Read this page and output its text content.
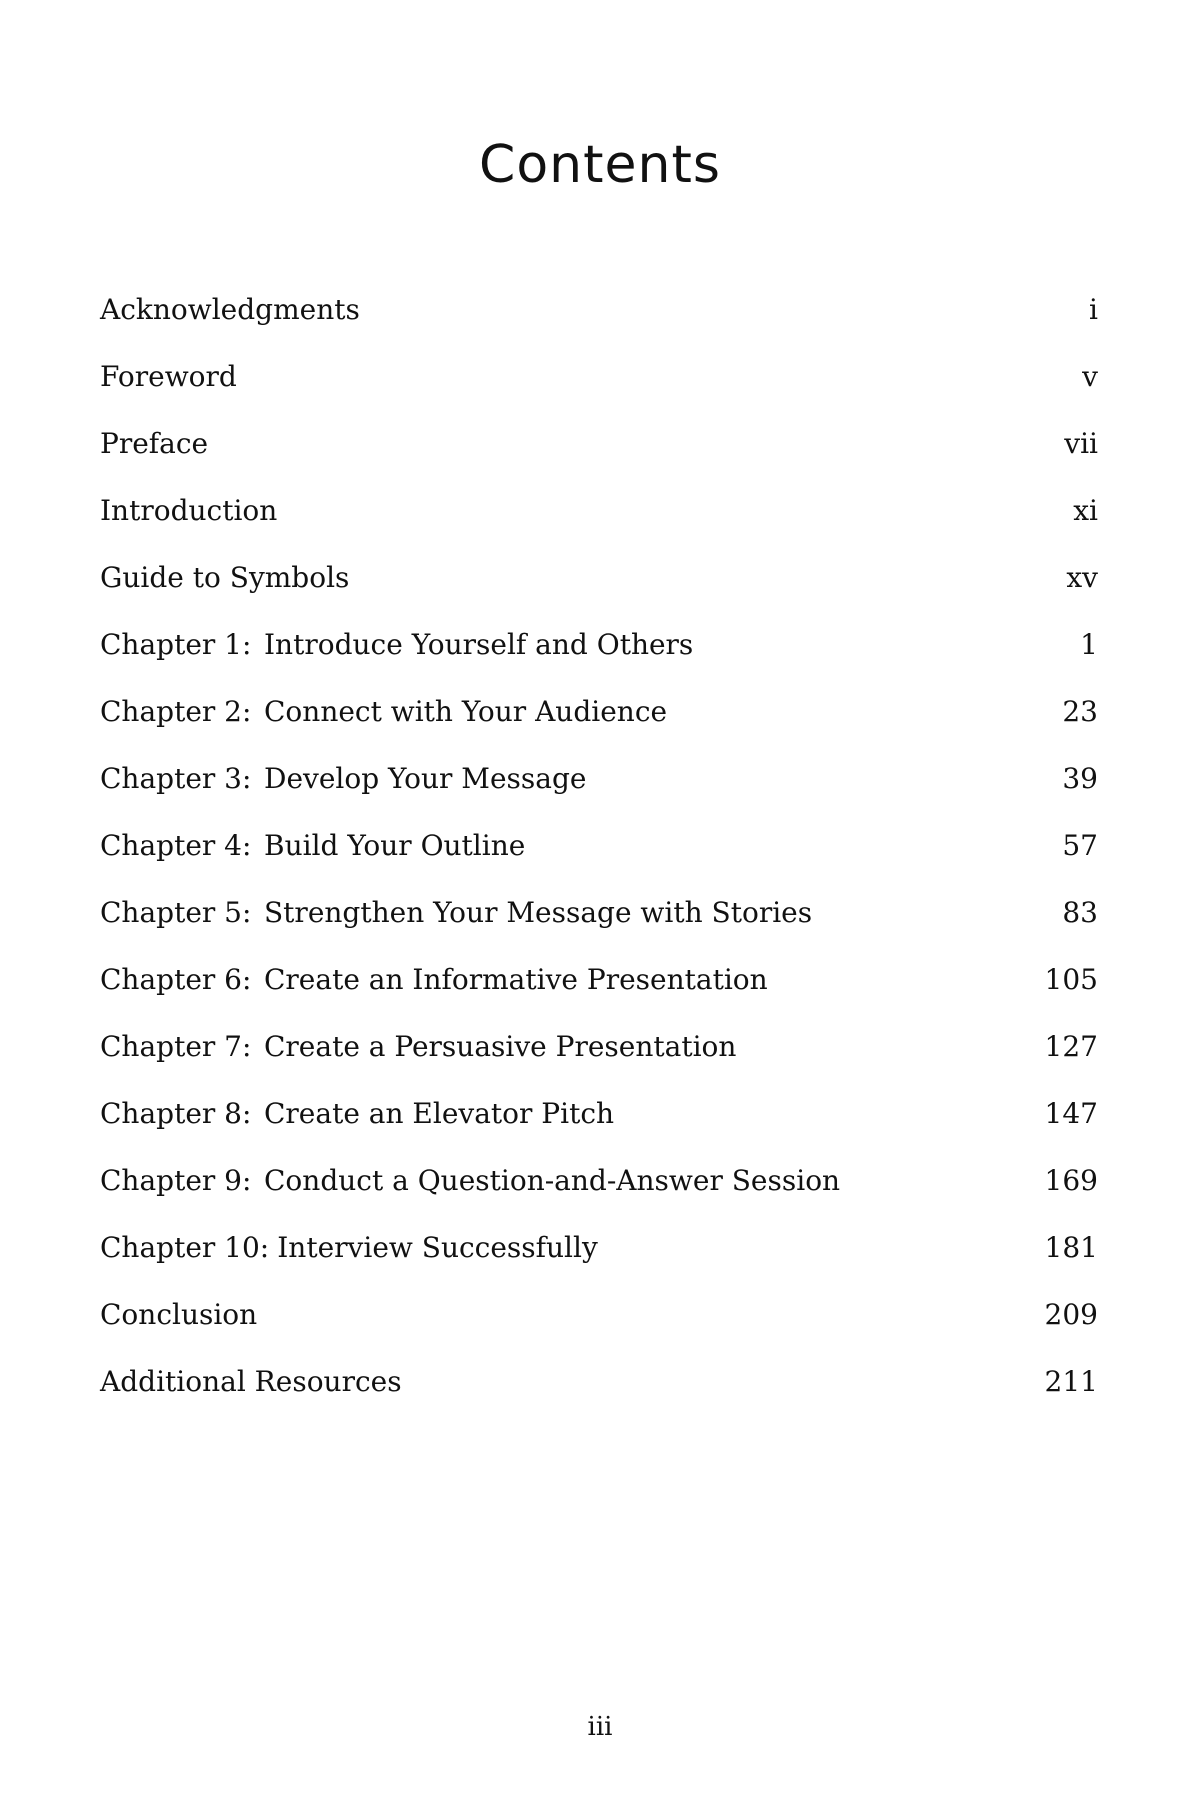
Contents
Acknowledgments	i
Foreword	v
Preface	vii
Introduction	xi
Guide to Symbols	xv
Chapter 1: Introduce Yourself and Others	1
Chapter 2: Connect with Your Audience	23
Chapter 3: Develop Your Message	39
Chapter 4: Build Your Outline	57
Chapter 5: Strengthen Your Message with Stories	83
Chapter 6: Create an Informative Presentation	105
Chapter 7: Create a Persuasive Presentation	127
Chapter 8: Create an Elevator Pitch	147
Chapter 9: Conduct a Question-and-Answer Session	169
Chapter 10: Interview Successfully	181
Conclusion	209
Additional Resources	211
iii
